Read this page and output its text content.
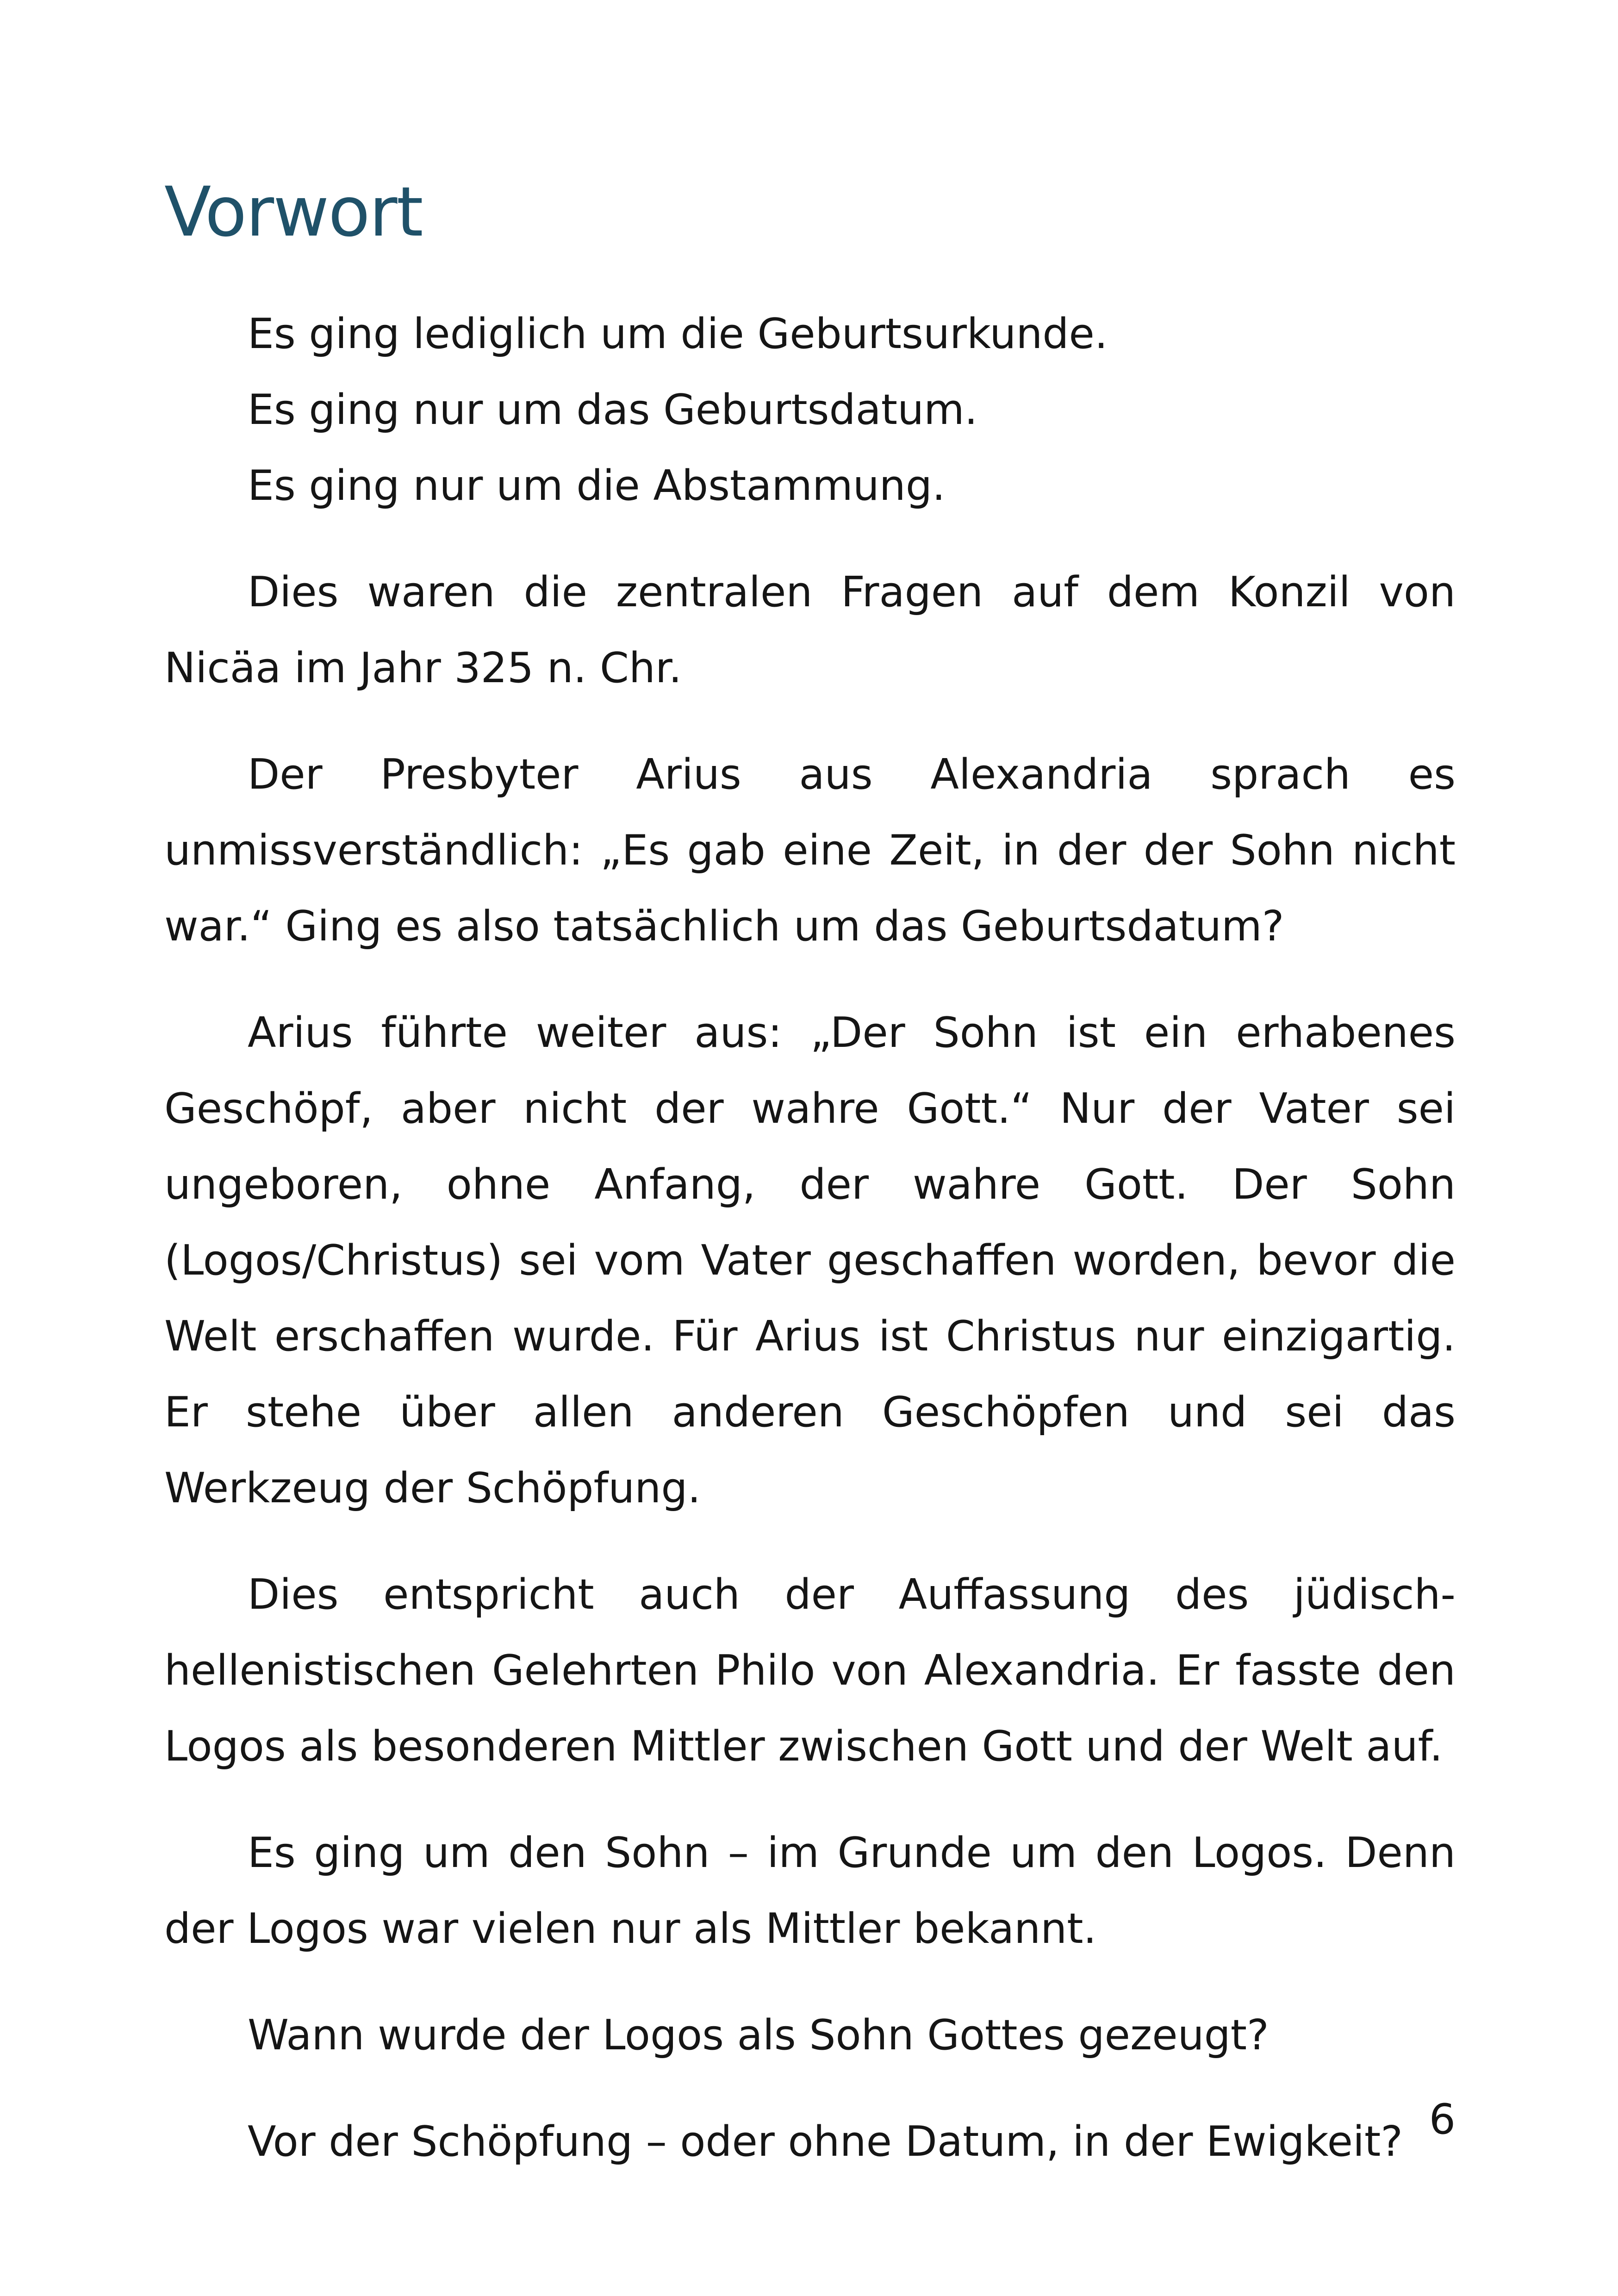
Vorwort

Es ging lediglich um die Geburtsurkunde.

Es ging nur um das Geburtsdatum.

Es ging nur um die Abstammung.

Dies waren die zentralen Fragen auf dem Konzil von Nicäa im Jahr 325 n. Chr.

Der Presbyter Arius aus Alexandria sprach es unmissverständlich: „Es gab eine Zeit, in der der Sohn nicht war.“ Ging es also tatsächlich um das Geburtsdatum?

Arius führte weiter aus: „Der Sohn ist ein erhabenes Geschöpf, aber nicht der wahre Gott.“ Nur der Vater sei ungeboren, ohne Anfang, der wahre Gott. Der Sohn (Logos/Christus) sei vom Vater geschaffen worden, bevor die Welt erschaffen wurde. Für Arius ist Christus nur einzigartig. Er stehe über allen anderen Geschöpfen und sei das Werkzeug der Schöpfung.

Dies entspricht auch der Auffassung des jüdisch-hellenistischen Gelehrten Philo von Alexandria. Er fasste den Logos als besonderen Mittler zwischen Gott und der Welt auf.

Es ging um den Sohn – im Grunde um den Logos. Denn der Logos war vielen nur als Mittler bekannt.

Wann wurde der Logos als Sohn Gottes gezeugt?

Vor der Schöpfung – oder ohne Datum, in der Ewigkeit? 6
